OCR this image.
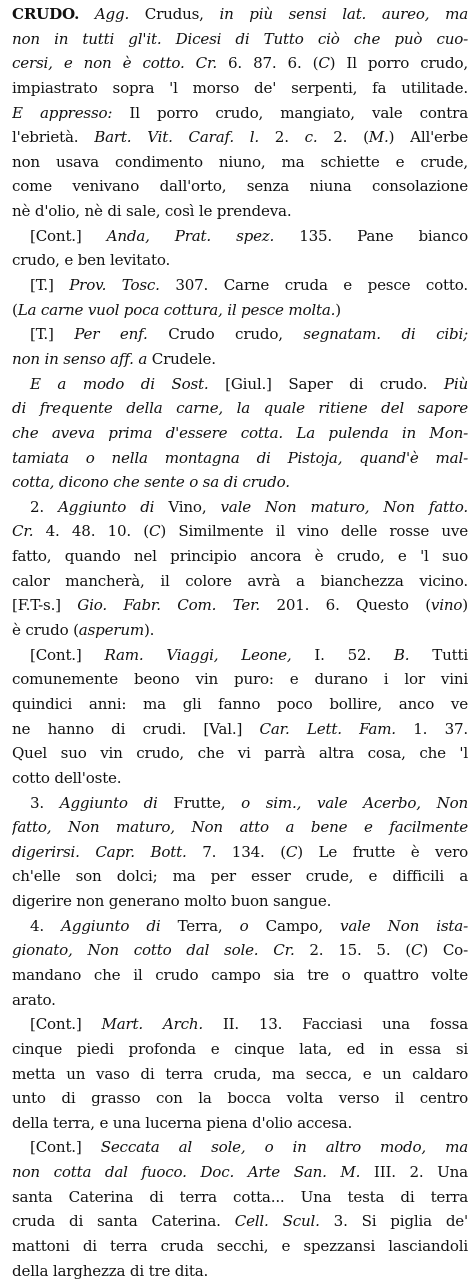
CRUDO. Agg. Crudus, in più sensi lat. aureo, ma
non in tutti gl'it. Dicesi di Tutto ciò che può cuo-
cersi, e non è cotto. Cr. 6. 87. 6. (C) Il porro crudo,
impiastrato sopra 'l morso de' serpenti, fa utilitade.
E appresso: Il porro crudo, mangiato, vale contra
l'ebrietà. Bart. Vit. Caraf. l. 2. c. 2. (M.) All'erbe
non usava condimento niuno, ma schiette e crude,
come venivano dall'orto, senza niuna consolazione
nè d'olio, nè di sale, così le prendeva.
[Cont.] Anda, Prat. spez. 135. Pane bianco
crudo, e ben levitato.
[T.] Prov. Tosc. 307. Carne cruda e pesce cotto.
(La carne vuol poca cottura, il pesce molta.)
[T.] Per enf. Crudo crudo, segnatam. di cibi;
non in senso aff. a Crudele.
E a modo di Sost. [Giul.] Saper di crudo. Più
di frequente della carne, la quale ritiene del sapore
che aveva prima d'essere cotta. La pulenda in Mon-
tamiata o nella montagna di Pistoja, quand'è mal-
cotta, dicono che sente o sa di crudo.
2. Aggiunto di Vino, vale Non maturo, Non fatto.
Cr. 4. 48. 10. (C) Similmente il vino delle rosse uve
fatto, quando nel principio ancora è crudo, e 'l suo
calor mancherà, il colore avrà a bianchezza vicino.
[F.T-s.] Gio. Fabr. Com. Ter. 201. 6. Questo (vino)
è crudo (asperum).
[Cont.] Ram. Viaggi, Leone, I. 52. B. Tutti
comunemente beono vin puro: e durano i lor vini
quindici anni: ma gli fanno poco bollire, anco ve
ne hanno di crudi. [Val.] Car. Lett. Fam. 1. 37.
Quel suo vin crudo, che vi parrà altra cosa, che 'l
cotto dell'oste.
3. Aggiunto di Frutte, o sim., vale Acerbo, Non
fatto, Non maturo, Non atto a bene e facilmente
digerirsi. Capr. Bott. 7. 134. (C) Le frutte è vero
ch'elle son dolci; ma per esser crude, e difficili a
digerire non generano molto buon sangue.
4. Aggiunto di Terra, o Campo, vale Non ista-
gionato, Non cotto dal sole. Cr. 2. 15. 5. (C) Co-
mandano che il crudo campo sia tre o quattro volte
arato.
[Cont.] Mart. Arch. II. 13. Facciasi una fossa
cinque piedi profonda e cinque lata, ed in essa si
metta un vaso di terra cruda, ma secca, e un caldaro
unto di grasso con la bocca volta verso il centro
della terra, e una lucerna piena d'olio accesa.
[Cont.] Seccata al sole, o in altro modo, ma
non cotta dal fuoco. Doc. Arte San. M. III. 2. Una
santa Caterina di terra cotta... Una testa di terra
cruda di santa Caterina. Cell. Scul. 3. Si piglia de'
mattoni di terra cruda secchi, e spezzansi lasciandoli
della larghezza di tre dita.
